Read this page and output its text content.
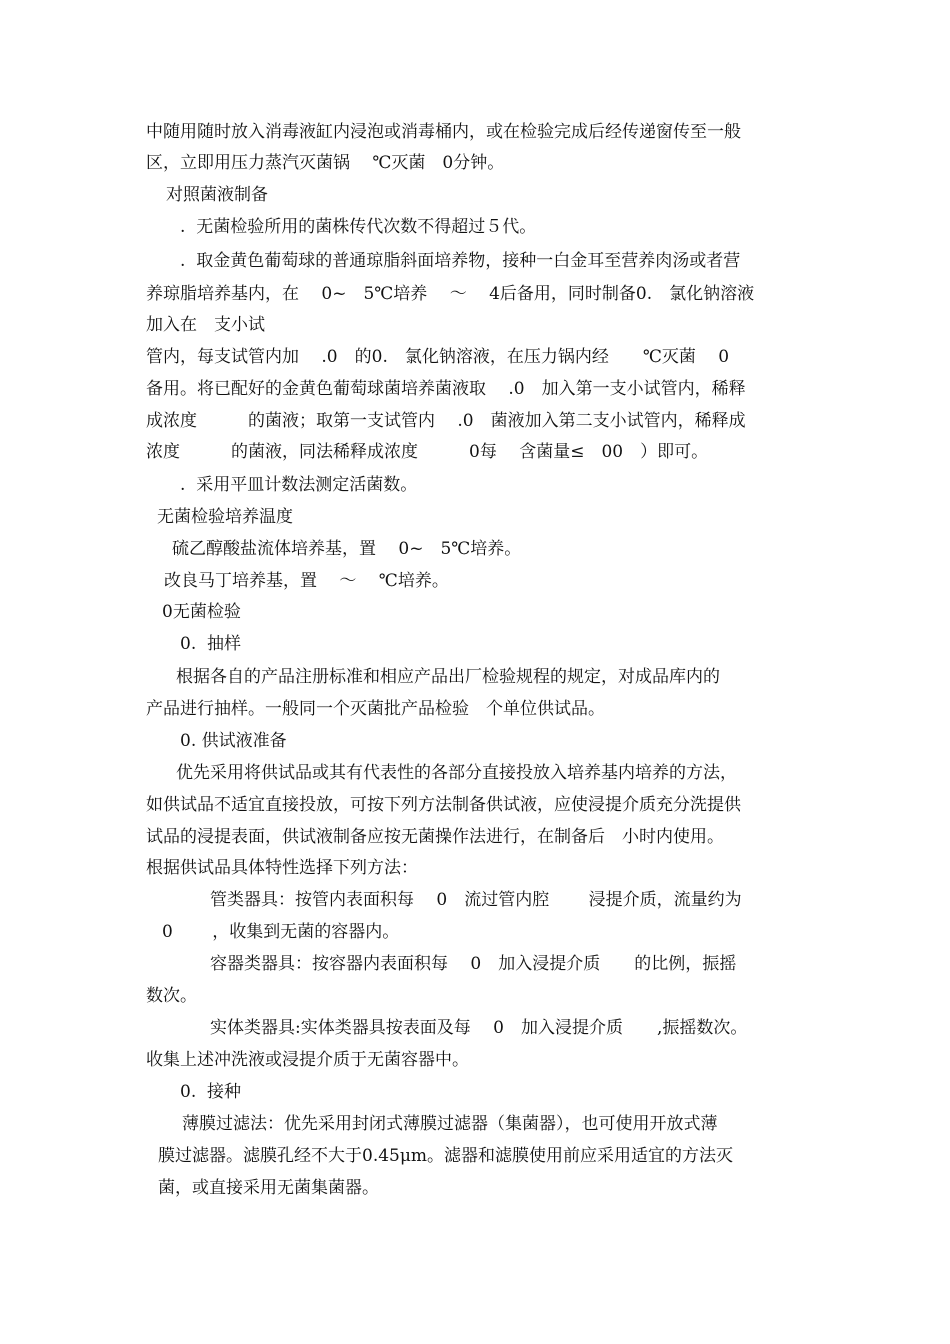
中随用随时放入消毒液缸内浸泡或消毒桶内，或在检验完成后经传递窗传至一般
区，立即用压力蒸汽灭菌锅　 ℃灭菌　0分钟。
对照菌液制备
.  无菌检验所用的菌株传代次数不得超过５代。
.  取金黄色葡萄球的普通琼脂斜面培养物，接种一白金耳至营养肉汤或者营
养琼脂培养基内，在　 0~　5℃培养　 ～　 4后备用，同时制备0.　氯化钠溶液
加入在　支小试
管内，每支试管内加　 .0　的0.　氯化钠溶液，在压力锅内经　　℃灭菌　 0
备用。将已配好的金黄色葡萄球菌培养菌液取　 .0　加入第一支小试管内，稀释
成浓度　　　的菌液；取第一支试管内　 .0　菌液加入第二支小试管内，稀释成
浓度　　　的菌液，同法稀释成浓度　　　0每　 含菌量≤　00　）即可。
.  采用平皿计数法测定活菌数。
无菌检验培养温度
硫乙醇酸盐流体培养基，置　 0~　5℃培养。
改良马丁培养基，置　 ～　 ℃培养。
0无菌检验
0.  抽样
根据各自的产品注册标准和相应产品出厂检验规程的规定，对成品库内的
产品进行抽样。一般同一个灭菌批产品检验　个单位供试品。
0. 供试液准备
优先采用将供试品或其有代表性的各部分直接投放入培养基内培养的方法，
如供试品不适宜直接投放，可按下列方法制备供试液，应使浸提介质充分洗提供
试品的浸提表面，供试液制备应按无菌操作法进行，在制备后　小时内使用。
根据供试品具体特性选择下列方法：
管类器具：按管内表面积每　 0　流过管内腔　　 浸提介质，流量约为
0　　 ，收集到无菌的容器内。
容器类器具：按容器内表面积每　 0　加入浸提介质　　的比例，振摇
数次。
实体类器具:实体类器具按表面及每　 0　加入浸提介质　　,振摇数次。
收集上述冲洗液或浸提介质于无菌容器中。
0.  接种
薄膜过滤法：优先采用封闭式薄膜过滤器（集菌器），也可使用开放式薄
膜过滤器。滤膜孔经不大于0.45μm。滤器和滤膜使用前应采用适宜的方法灭
菌，或直接采用无菌集菌器。
